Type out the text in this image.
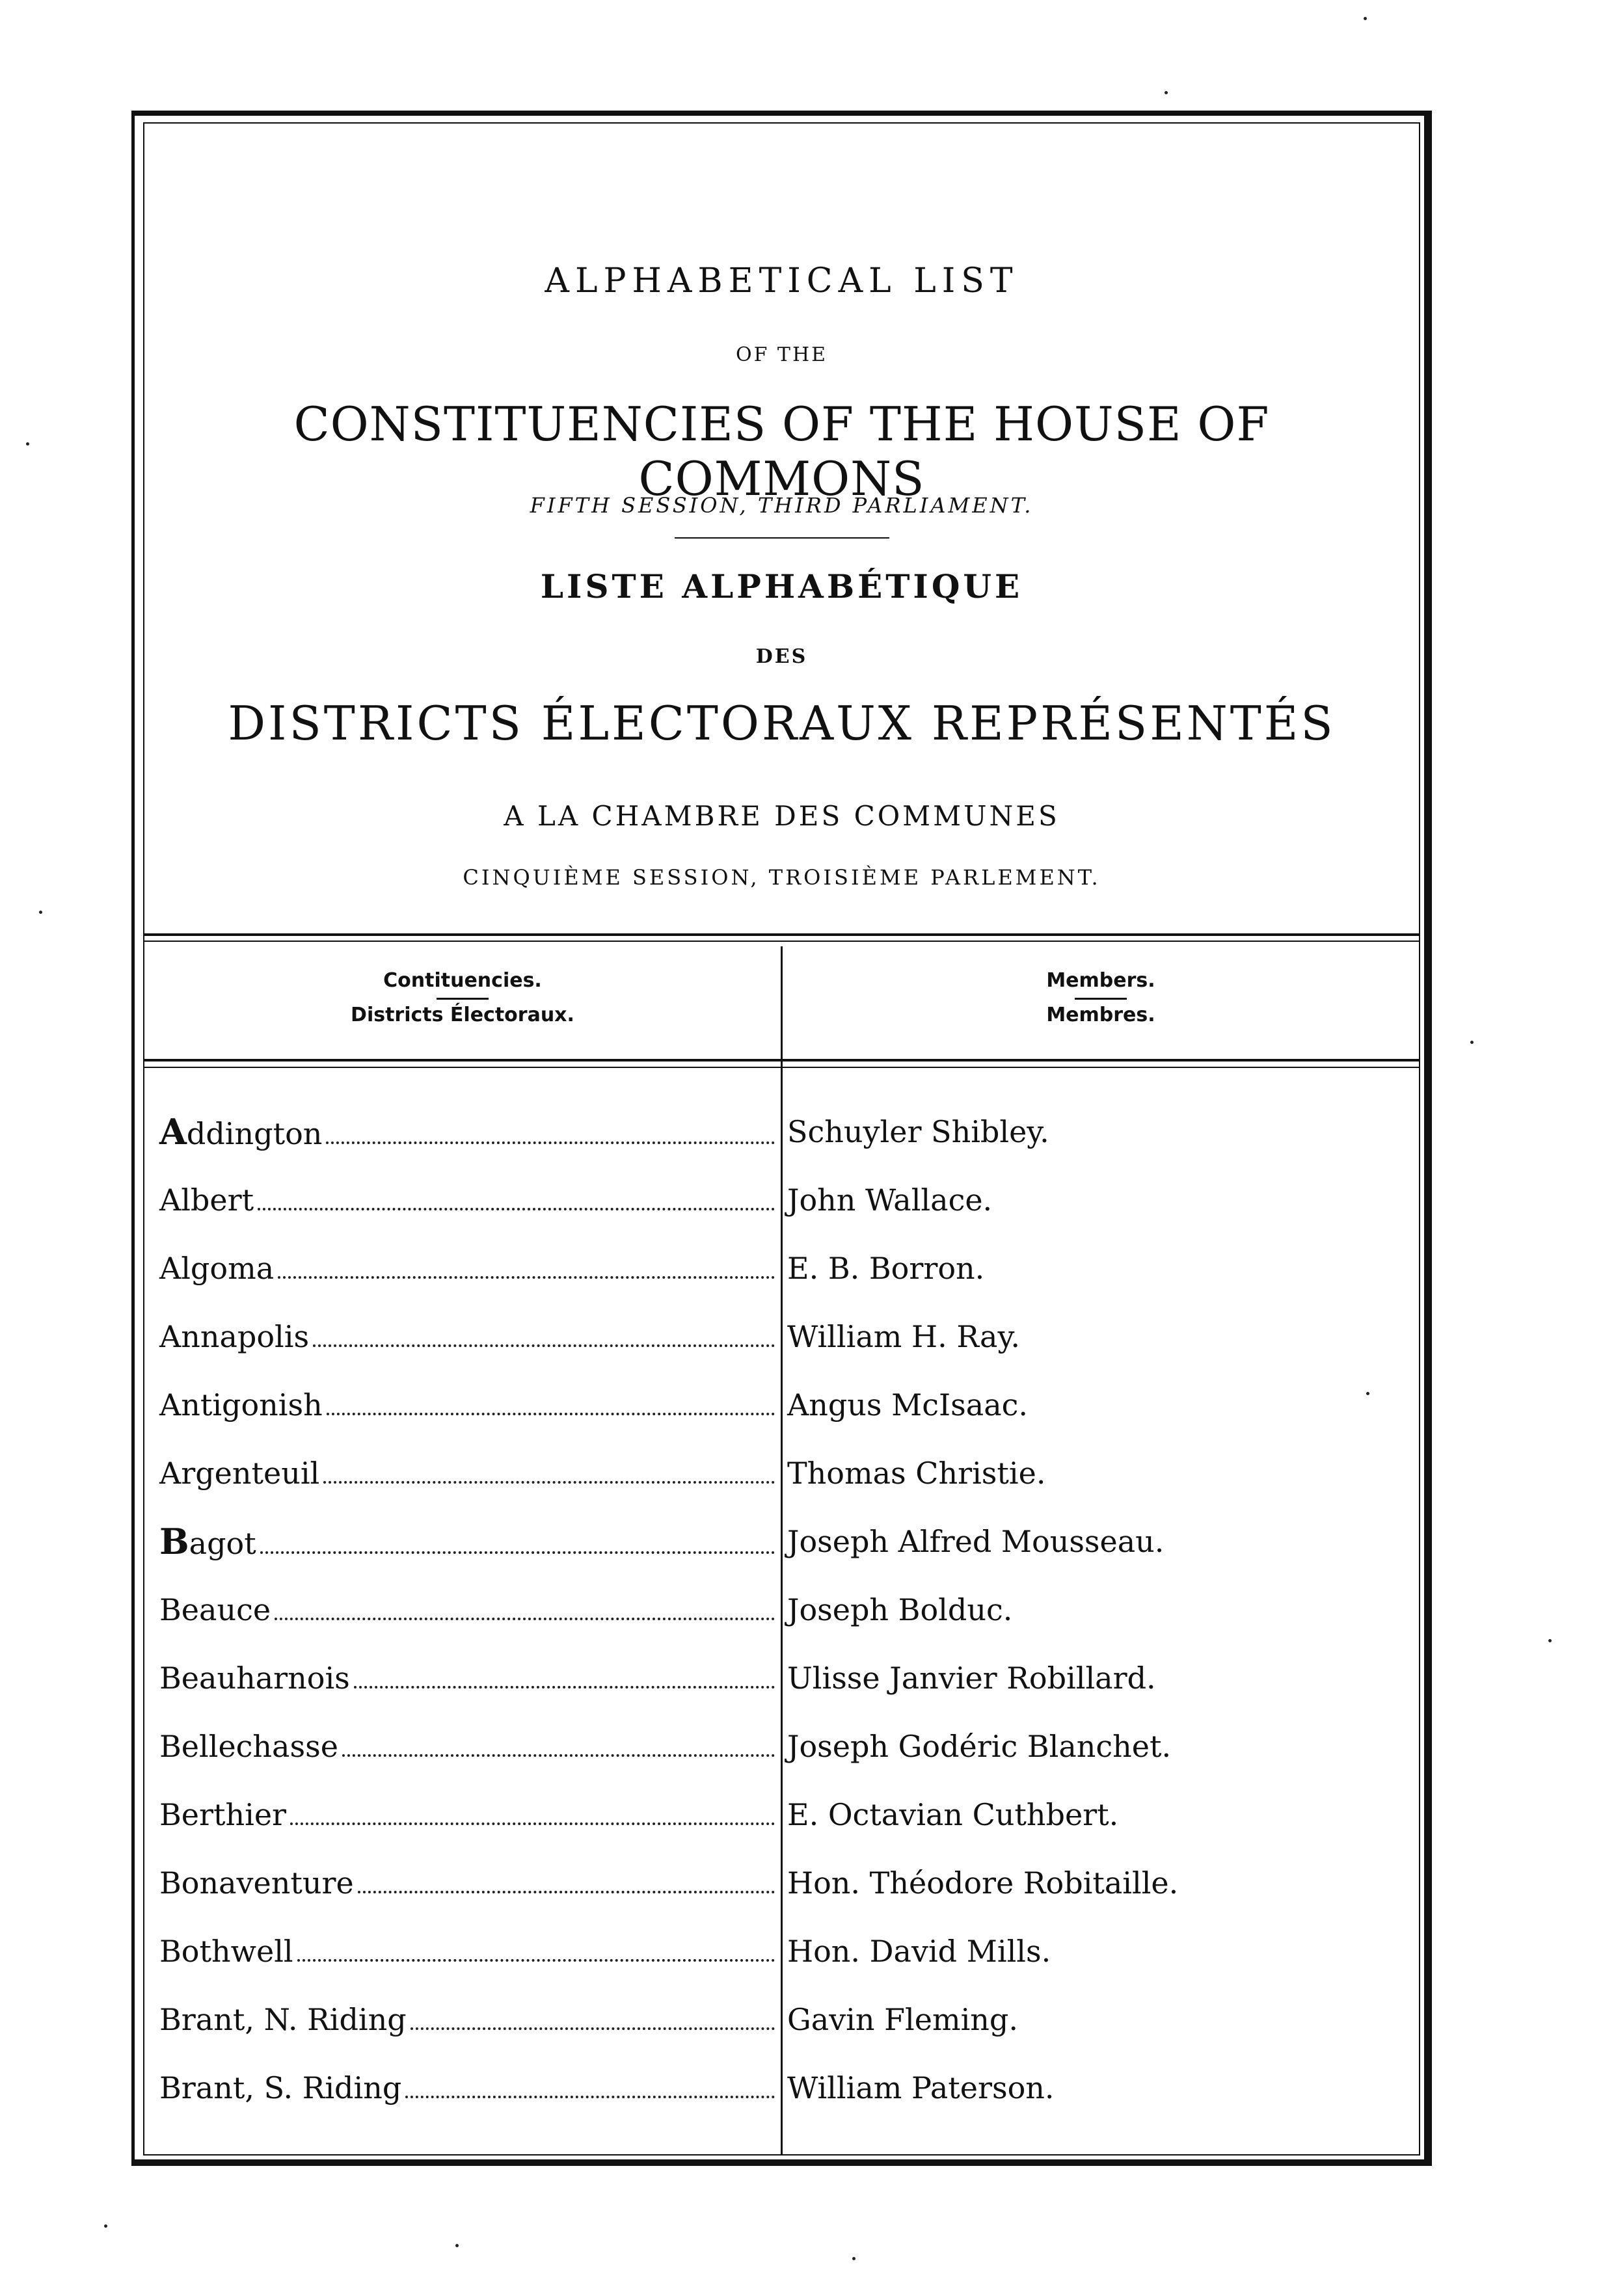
ALPHABETICAL LIST
OF THE
CONSTITUENCIES OF THE HOUSE OF COMMONS
FIFTH SESSION, THIRD PARLIAMENT.
LISTE ALPHABÉTIQUE
DES
DISTRICTS ÉLECTORAUX REPRÉSENTÉS
A LA CHAMBRE DES COMMUNES
CINQUIÈME SESSION, TROISIÈME PARLEMENT.
Contituencies.
Districts Électoraux.
Members.
Membres.
A ddington	Schuyler Shibley.
Albert	John Wallace.
Algoma	E. B. Borron.
Annapolis	William H. Ray.
Antigonish	Angus McIsaac.
Argenteuil	Thomas Christie.
B agot	Joseph Alfred Mousseau.
Beauce	Joseph Bolduc.
Beauharnois	Ulisse Janvier Robillard.
Bellechasse	Joseph Godéric Blanchet.
Berthier	E. Octavian Cuthbert.
Bonaventure	Hon. Théodore Robitaille.
Bothwell	Hon. David Mills.
Brant, N. Riding	Gavin Fleming.
Brant, S. Riding	William Paterson.
